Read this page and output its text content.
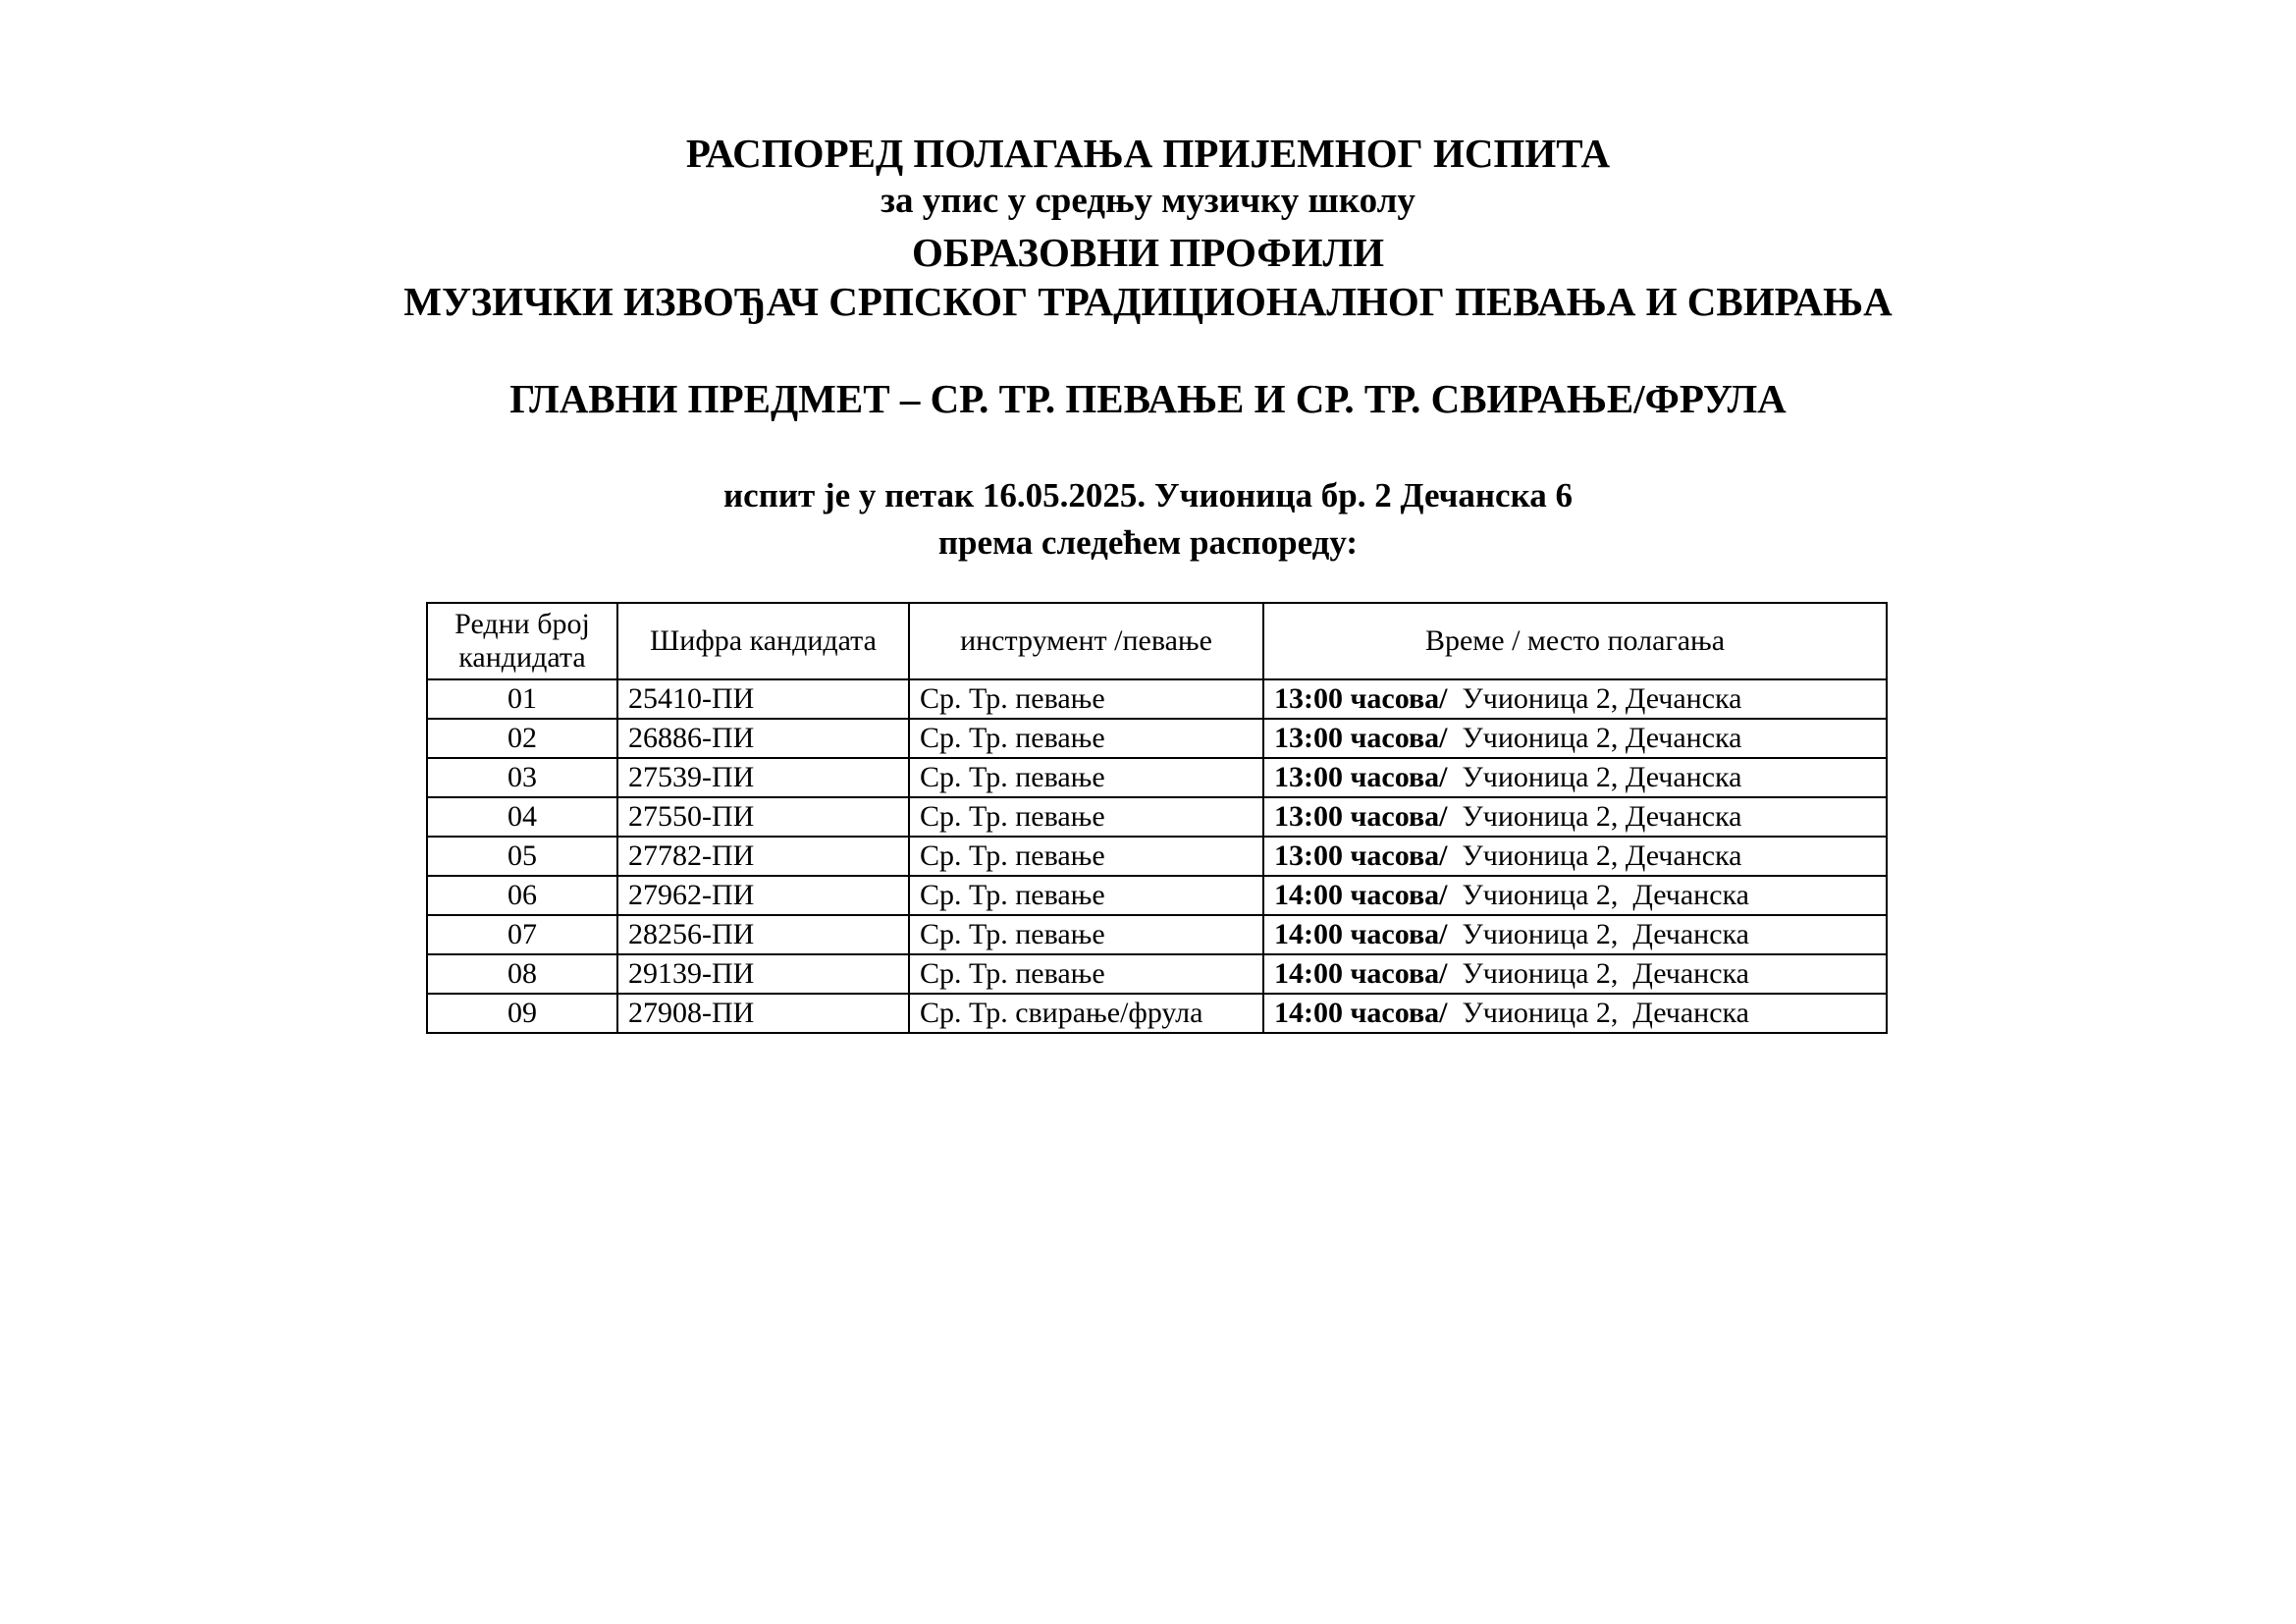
РАСПОРЕД ПОЛАГАЊА ПРИЈЕМНОГ ИСПИТА
за упис у средњу музичку школу
ОБРАЗОВНИ ПРОФИЛИ
МУЗИЧКИ ИЗВОЂАЧ СРПСКОГ ТРАДИЦИОНАЛНОГ ПЕВАЊА И СВИРАЊА
ГЛАВНИ ПРЕДМЕТ – СР. ТР. ПЕВАЊЕ И СР. ТР. СВИРАЊЕ/ФРУЛА
испит је у петак 16.05.2025. Учионица бр. 2 Дечанска 6
према следећем распореду:
Редни број
кандидата	Шифра кандидата	инструмент /певање	Време / место полагања
01	25410-ПИ	Ср. Тр. певање	13:00 часова/ Учионица 2, Дечанска
02	26886-ПИ	Ср. Тр. певање	13:00 часова/ Учионица 2, Дечанска
03	27539-ПИ	Ср. Тр. певање	13:00 часова/ Учионица 2, Дечанска
04	27550-ПИ	Ср. Тр. певање	13:00 часова/ Учионица 2, Дечанска
05	27782-ПИ	Ср. Тр. певање	13:00 часова/ Учионица 2, Дечанска
06	27962-ПИ	Ср. Тр. певање	14:00 часова/ Учионица 2,  Дечанска
07	28256-ПИ	Ср. Тр. певање	14:00 часова/ Учионица 2,  Дечанска
08	29139-ПИ	Ср. Тр. певање	14:00 часова/ Учионица 2,  Дечанска
09	27908-ПИ	Ср. Тр. свирање/фрула	14:00 часова/ Учионица 2,  Дечанска
